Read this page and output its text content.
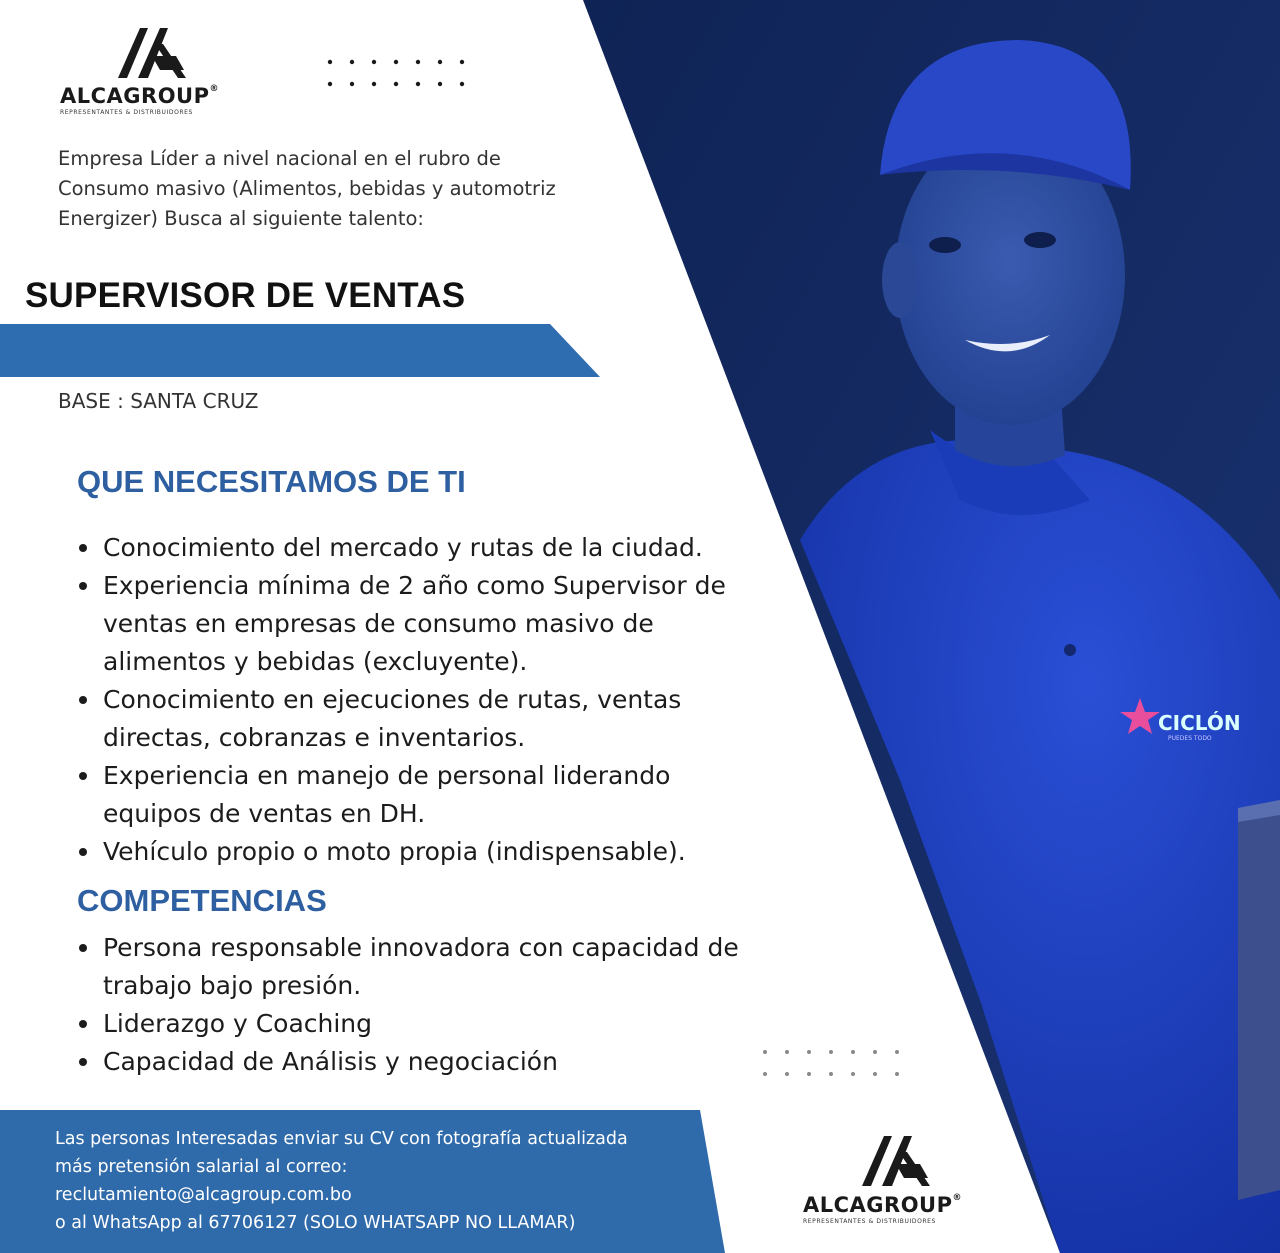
CICLÓN
PUEDES TODO
ALCAGROUP®
REPRESENTANTES & DISTRIBUIDORES
Empresa Líder a nivel nacional en el rubro de
Consumo masivo (Alimentos, bebidas y automotriz
Energizer) Busca al siguiente talento:
SUPERVISOR DE VENTAS
BASE : SANTA CRUZ
QUE NECESITAMOS DE TI
Conocimiento del mercado y rutas de la ciudad.
Experiencia mínima de 2 año como Supervisor de ventas en empresas de consumo masivo de alimentos y bebidas (excluyente).
Conocimiento en ejecuciones de rutas, ventas directas, cobranzas e inventarios.
Experiencia en manejo de personal liderando equipos de ventas en DH.
Vehículo propio o moto propia (indispensable).
COMPETENCIAS
Persona responsable innovadora con capacidad de trabajo bajo presión.
Liderazgo y Coaching
Capacidad de Análisis y negociación
Las personas Interesadas enviar su CV con fotografía actualizada
más pretensión salarial al correo:
reclutamiento@alcagroup.com.bo
o al WhatsApp al 67706127 (SOLO WHATSAPP NO LLAMAR)
ALCAGROUP®
REPRESENTANTES & DISTRIBUIDORES
